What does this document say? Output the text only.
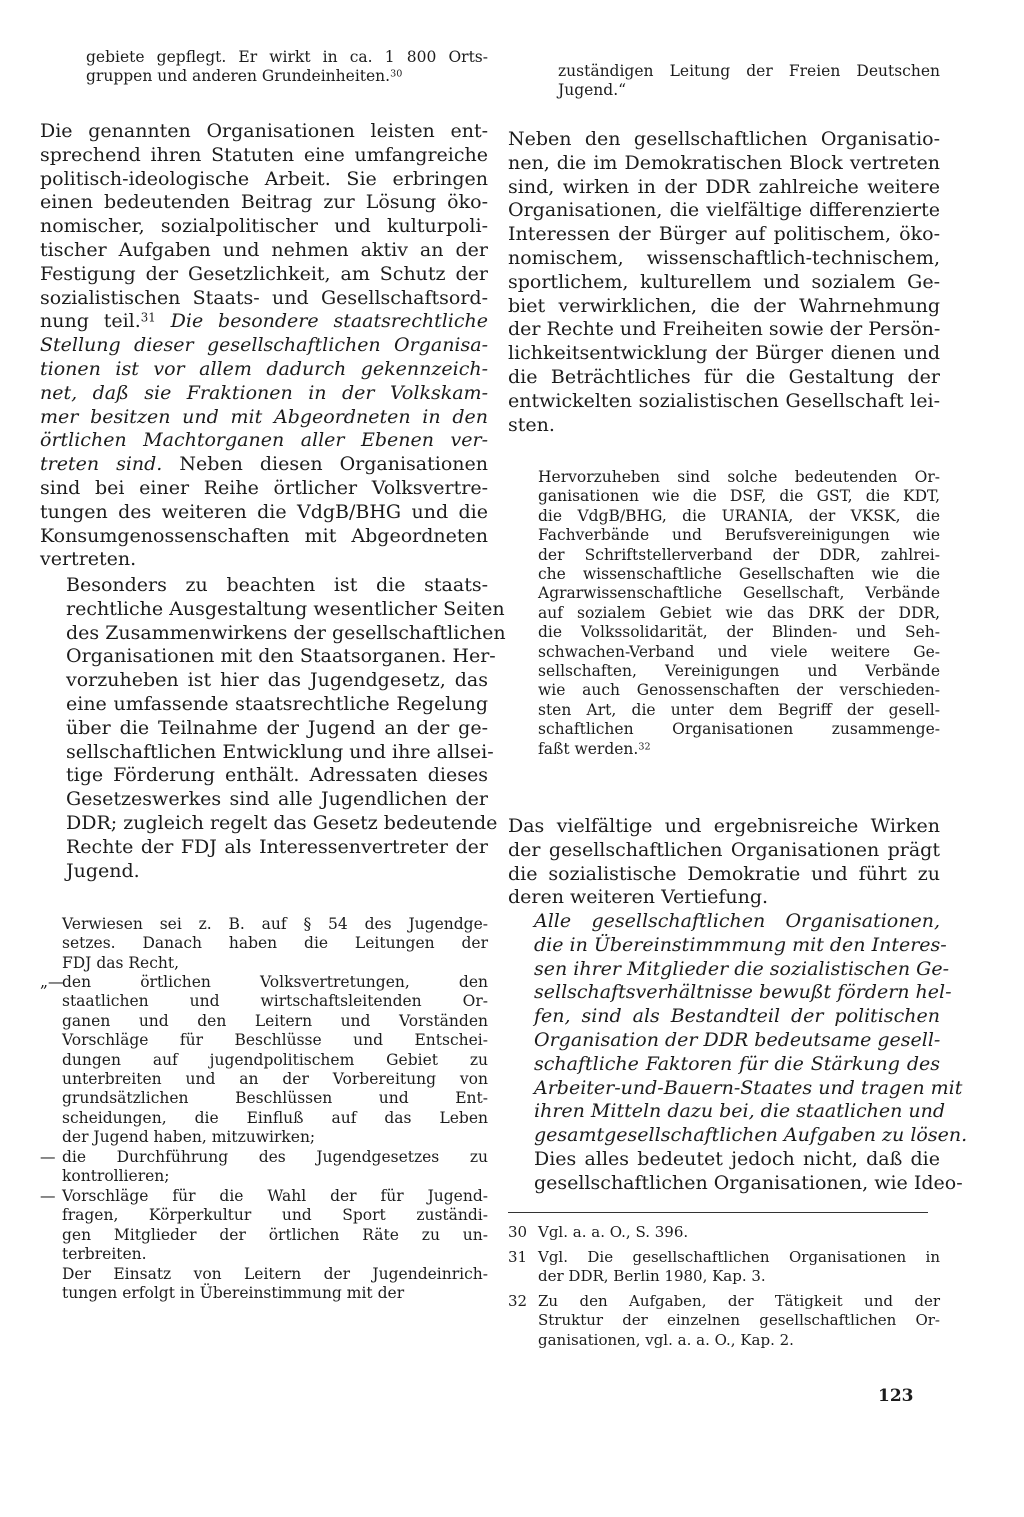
gebiete gepflegt. Er wirkt in ca. 1 800 Orts-
gruppen und anderen Grundeinheiten.$^{30}$
Die genannten Organisationen leisten ent-
sprechend ihren Statuten eine umfangreiche
politisch-ideologische Arbeit. Sie erbringen
einen bedeutenden Beitrag zur Lösung öko-
nomischer, sozialpolitischer und kulturpoli-
tischer Aufgaben und nehmen aktiv an der
Festigung der Gesetzlichkeit, am Schutz der
sozialistischen Staats- und Gesellschaftsord-
nung teil.$^{31}$ Die besondere staatsrechtliche
Stellung dieser gesellschaftlichen Organisa-
tionen ist vor allem dadurch gekennzeich-
net, daß sie Fraktionen in der Volkskam-
mer besitzen und mit Abgeordneten in den
örtlichen Machtorganen aller Ebenen ver-
treten sind. Neben diesen Organisationen
sind bei einer Reihe örtlicher Volksvertre-
tungen des weiteren die VdgB/BHG und die
Konsumgenossenschaften mit Abgeordneten
vertreten.
Besonders zu beachten ist die staats-
rechtliche Ausgestaltung wesentlicher Seiten
des Zusammenwirkens der gesellschaftlichen
Organisationen mit den Staatsorganen. Her-
vorzuheben ist hier das Jugendgesetz, das
eine umfassende staatsrechtliche Regelung
über die Teilnahme der Jugend an der ge-
sellschaftlichen Entwicklung und ihre allsei-
tige Förderung enthält. Adressaten dieses
Gesetzeswerkes sind alle Jugendlichen der
DDR; zugleich regelt das Gesetz bedeutende
Rechte der FDJ als Interessenvertreter der
Jugend.
Verwiesen sei z. B. auf § 54 des Jugendge-
setzes. Danach haben die Leitungen der
FDJ das Recht,
„—
den örtlichen Volksvertretungen, den
staatlichen und wirtschaftsleitenden Or-
ganen und den Leitern und Vorständen
Vorschläge für Beschlüsse und Entschei-
dungen auf jugendpolitischem Gebiet zu
unterbreiten und an der Vorbereitung von
grundsätzlichen Beschlüssen und Ent-
scheidungen, die Einfluß auf das Leben
der Jugend haben, mitzuwirken;
— die Durchführung des Jugendgesetzes zu
kontrollieren;
— Vorschläge für die Wahl der für Jugend-
fragen, Körperkultur und Sport zuständi-
gen Mitglieder der örtlichen Räte zu un-
terbreiten.
Der Einsatz von Leitern der Jugendeinrich-
tungen erfolgt in Übereinstimmung mit der
zuständigen Leitung der Freien Deutschen
Jugend.“
Neben den gesellschaftlichen Organisatio-
nen, die im Demokratischen Block vertreten
sind, wirken in der DDR zahlreiche weitere
Organisationen, die vielfältige differenzierte
Interessen der Bürger auf politischem, öko-
nomischem, wissenschaftlich-technischem,
sportlichem, kulturellem und sozialem Ge-
biet verwirklichen, die der Wahrnehmung
der Rechte und Freiheiten sowie der Persön-
lichkeitsentwicklung der Bürger dienen und
die Beträchtliches für die Gestaltung der
entwickelten sozialistischen Gesellschaft lei-
sten.
Hervorzuheben sind solche bedeutenden Or-
ganisationen wie die DSF, die GST, die KDT,
die VdgB/BHG, die URANIA, der VKSK, die
Fachverbände und Berufsvereinigungen wie
der Schriftstellerverband der DDR, zahlrei-
che wissenschaftliche Gesellschaften wie die
Agrarwissenschaftliche Gesellschaft, Verbände
auf sozialem Gebiet wie das DRK der DDR,
die Volkssolidarität, der Blinden- und Seh-
schwachen-Verband und viele weitere Ge-
sellschaften, Vereinigungen und Verbände
wie auch Genossenschaften der verschieden-
sten Art, die unter dem Begriff der gesell-
schaftlichen Organisationen zusammenge-
faßt werden.$^{32}$
Das vielfältige und ergebnisreiche Wirken
der gesellschaftlichen Organisationen prägt
die sozialistische Demokratie und führt zu
deren weiteren Vertiefung.
Alle gesellschaftlichen Organisationen,
die in Übereinstimmmung mit den Interes-
sen ihrer Mitglieder die sozialistischen Ge-
sellschaftsverhältnisse bewußt fördern hel-
fen, sind als Bestandteil der politischen
Organisation der DDR bedeutsame gesell-
schaftliche Faktoren für die Stärkung des
Arbeiter-und-Bauern-Staates und tragen mit
ihren Mitteln dazu bei, die staatlichen und
gesamtgesellschaftlichen Aufgaben zu lösen.
Dies alles bedeutet jedoch nicht, daß die
gesellschaftlichen Organisationen, wie Ideo-
30 Vgl. a. a. O., S. 396.
31 Vgl. Die gesellschaftlichen Organisationen in
der DDR, Berlin 1980, Kap. 3.
32 Zu den Aufgaben, der Tätigkeit und der
Struktur der einzelnen gesellschaftlichen Or-
ganisationen, vgl. a. a. O., Kap. 2.
123
